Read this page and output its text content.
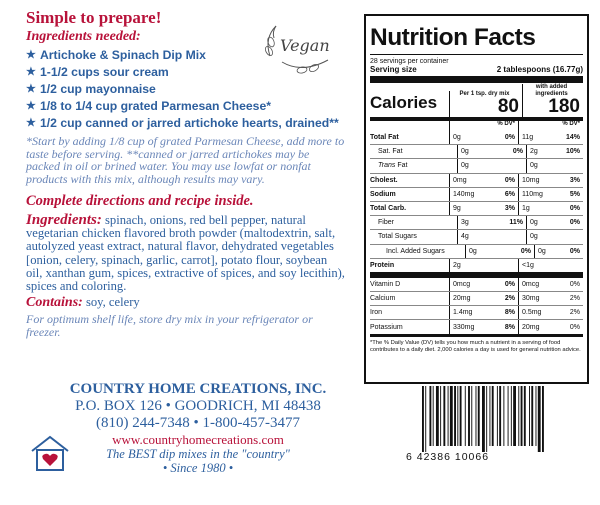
Simple to prepare!
Ingredients needed:
★ Artichoke & Spinach Dip Mix
★ 1-1/2 cups sour cream
★ 1/2 cup mayonnaise
★ 1/8 to 1/4 cup grated Parmesan Cheese*
★ 1/2 cup canned or jarred artichoke hearts, drained**
*Start by adding 1/8 cup of grated Parmesan Cheese, add more to taste before serving. **canned or jarred artichokes may be packed in oil or brined water. You may use lowfat or nonfat products with this mix, although results may vary.
Complete directions and recipe inside.
Ingredients: spinach, onions, red bell pepper, natural vegetarian chicken flavored broth powder (maltodextrin, salt, autolyzed yeast extract, natural flavor, dehydrated vegetables [onion, celery, spinach, garlic, carrot], potato flour, soybean oil, xanthan gum, spices, extractive of spices, and soy lecithin), spices and coloring.
Contains: soy, celery
For optimum shelf life, store dry mix in your refrigerator or freezer.
Vegan
COUNTRY HOME CREATIONS, INC.
P.O. BOX 126 • GOODRICH, MI 48438
(810) 244-7348 • 1-800-457-3477
www.countryhomecreations.com
The BEST dip mixes in the "country"
• Since 1980 •
Nutrition Facts
28 servings per container
Serving size	2 tablespoons (16.77g)
Calories	Per 1 tsp. dry mix
80
with added ingredients
180
% DV*	% DV*
Total Fat	0g	0% 11g	14%
Sat. Fat	0g	0% 2g	10%
Trans Fat	0g	0g
Cholest.	0mg	0% 10mg	3%
Sodium	140mg	6% 110mg	5%
Total Carb.	9g	3% 1g	0%
Fiber	3g	11% 0g	0%
Total Sugars	4g	0g
Incl. Added Sugars	0g	0% 0g	0%
Protein	2g	<1g
Vitamin D	0mcg	0% 0mcg	0%
Calcium	20mg	2% 30mg	2%
Iron	1.4mg	8% 0.5mg	2%
Potassium	330mg	8% 20mg	0%
*The % Daily Value (DV) tells you how much a nutrient in a serving of food contributes to a daily diet. 2,000 calories a day is used for general nutrition advice.
6 42386 10066
